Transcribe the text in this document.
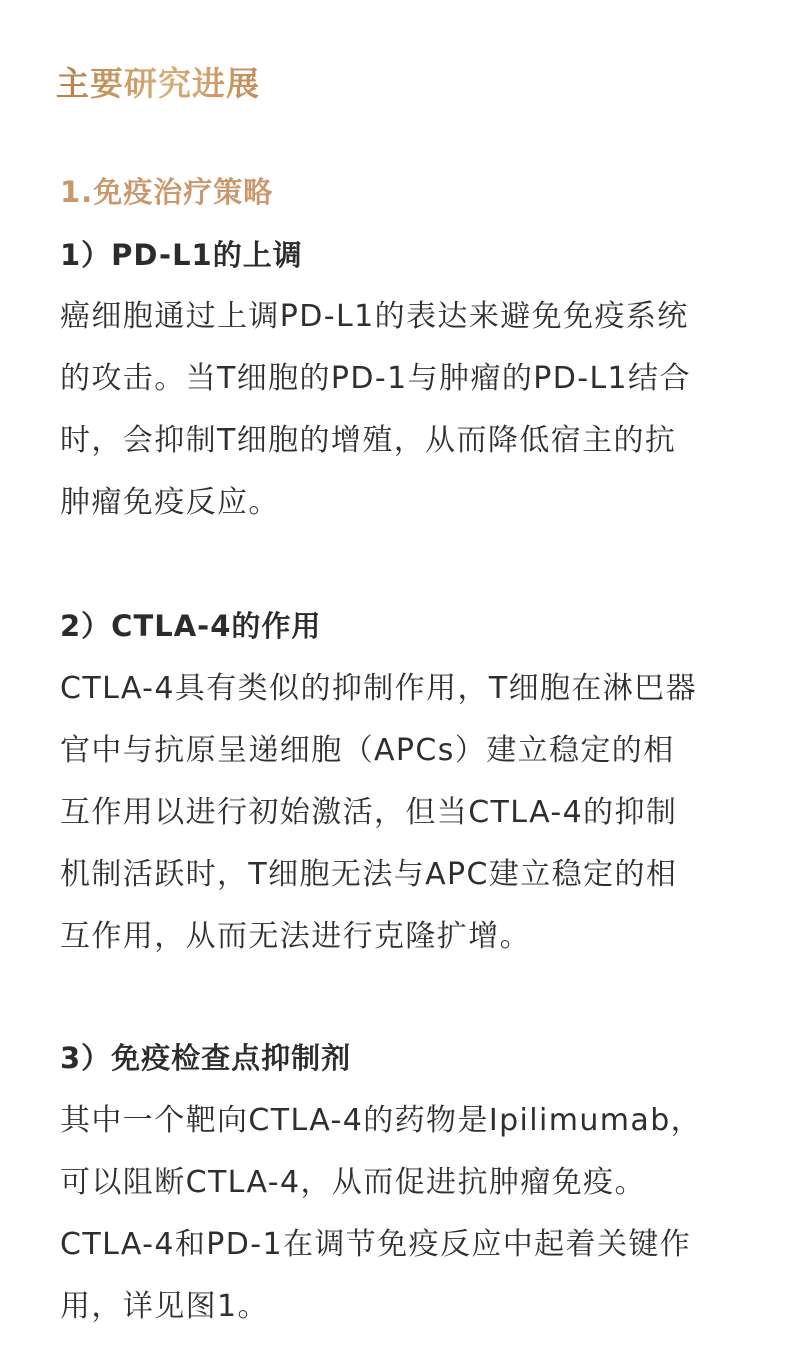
主要研究进展
1.免疫治疗策略
1）PD-L1的上调
癌细胞通过上调PD-L1的表达来避免免疫系统
的攻击。当T细胞的PD-1与肿瘤的PD-L1结合
时，会抑制T细胞的增殖，从而降低宿主的抗
肿瘤免疫反应。
2）CTLA-4的作用
CTLA-4具有类似的抑制作用，T细胞在淋巴器
官中与抗原呈递细胞（APCs）建立稳定的相
互作用以进行初始激活，但当CTLA-4的抑制
机制活跃时，T细胞无法与APC建立稳定的相
互作用，从而无法进行克隆扩增。
3）免疫检查点抑制剂
其中一个靶向CTLA-4的药物是Ipilimumab，
可以阻断CTLA-4，从而促进抗肿瘤免疫。
CTLA-4和PD-1在调节免疫反应中起着关键作
用，详见图1。
